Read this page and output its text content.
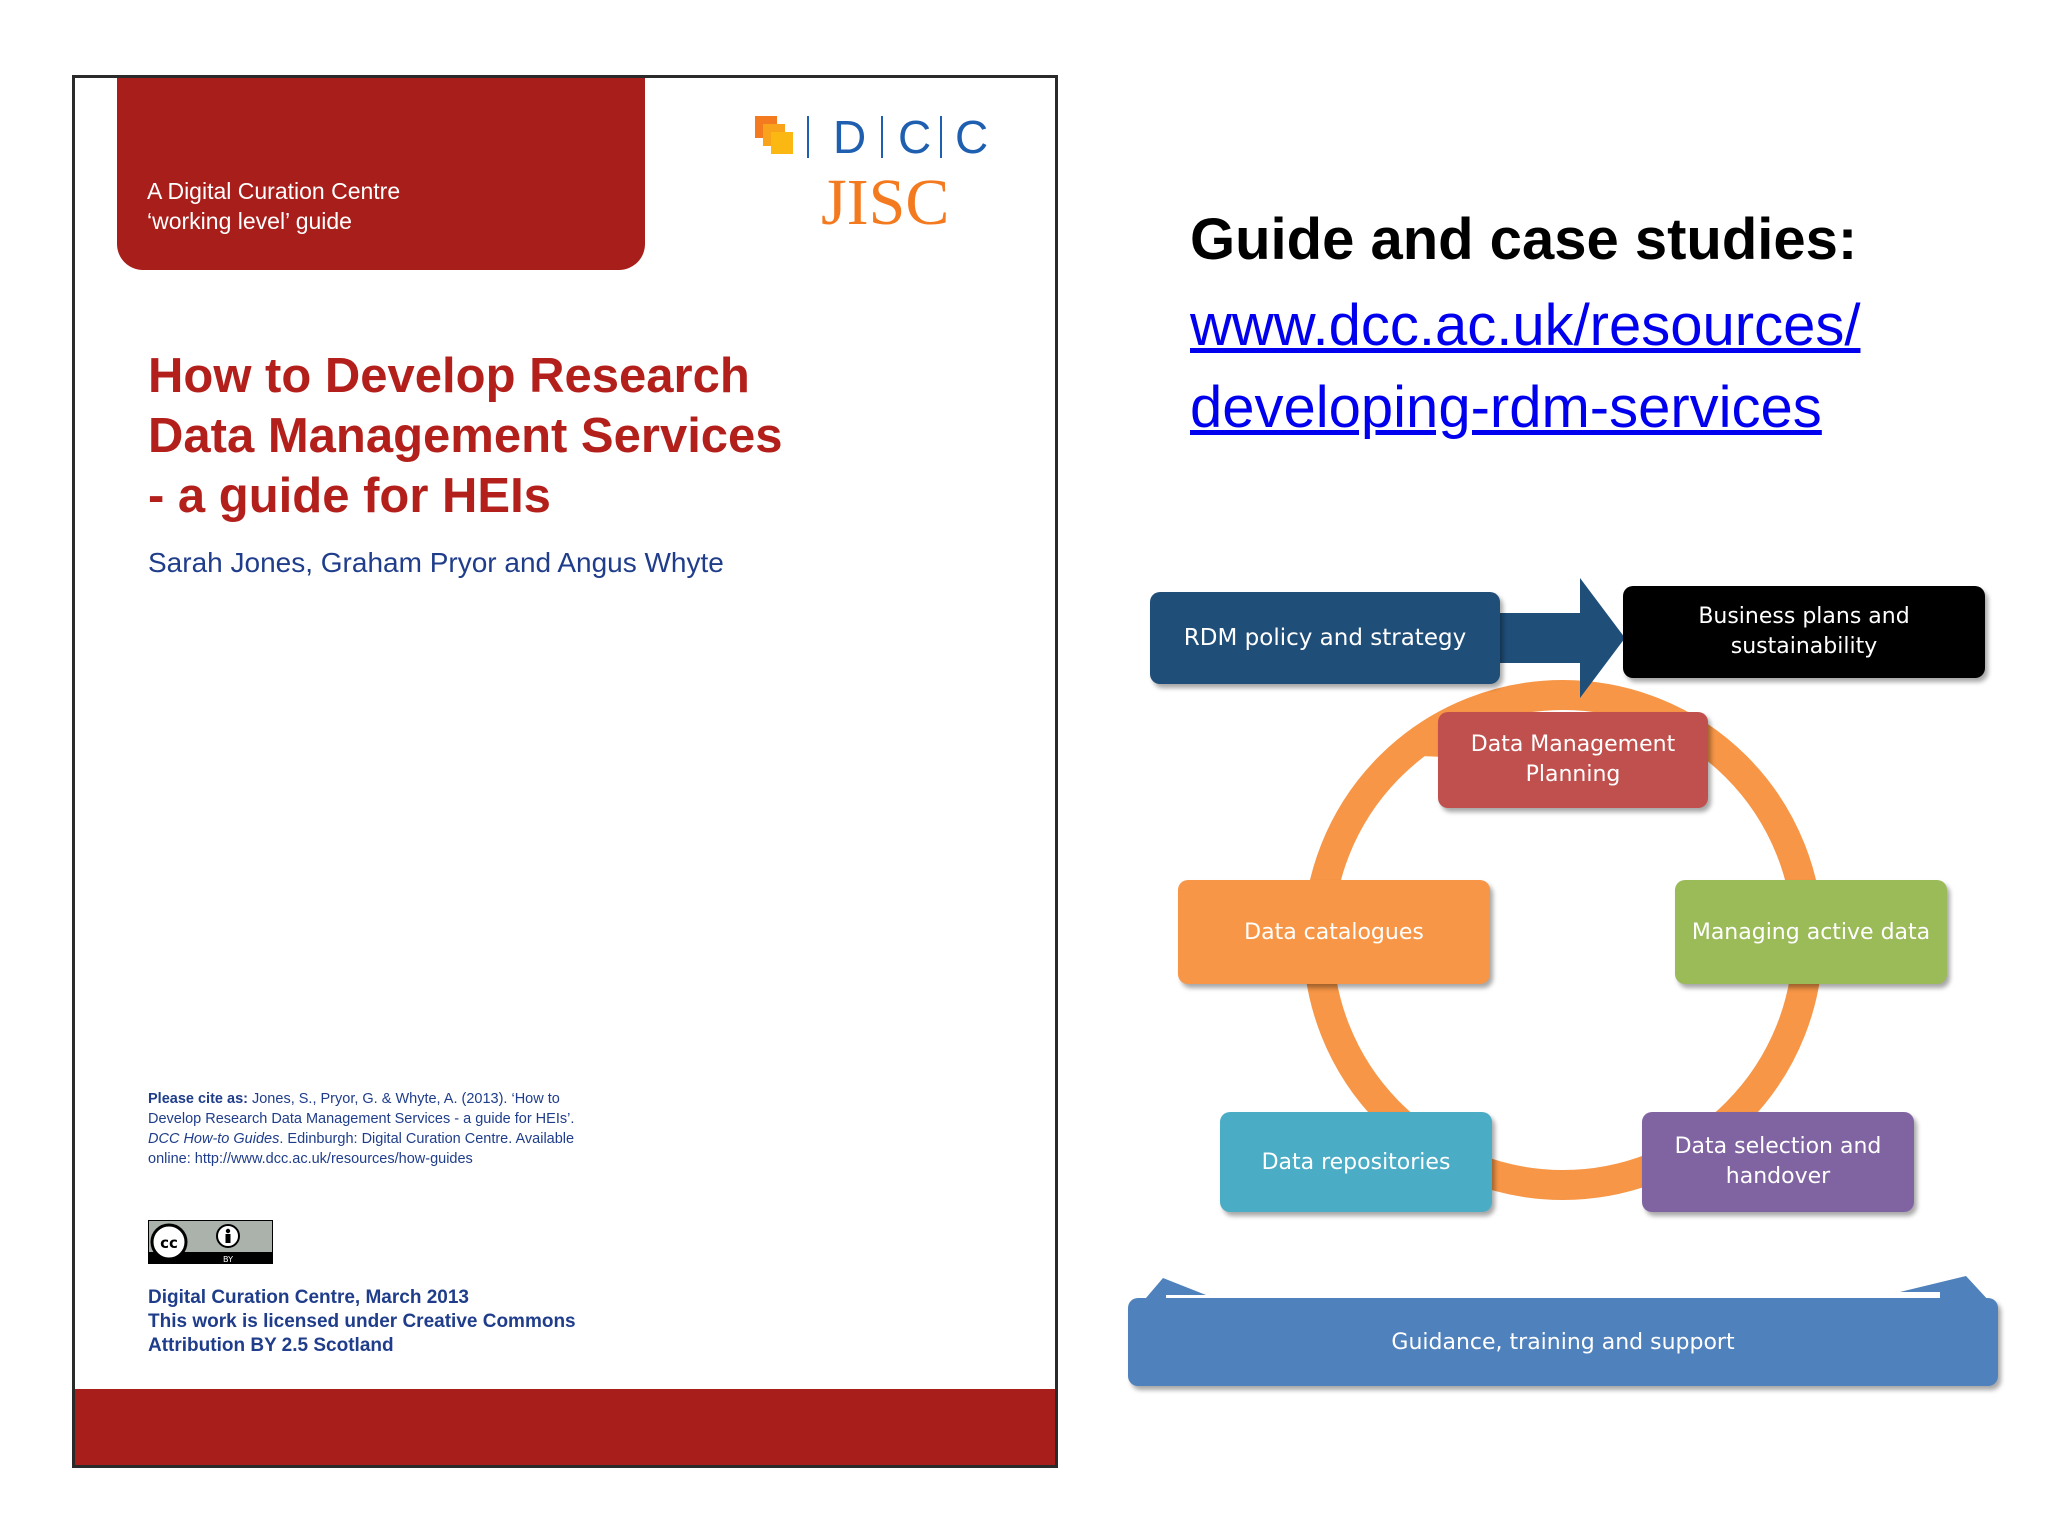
A Digital Curation Centre
‘working level’ guide
D C C
JISC
How to Develop Research
Data Management Services
- a guide for HEIs
Sarah Jones, Graham Pryor and Angus Whyte
Please cite as: Jones, S., Pryor, G. & Whyte, A. (2013). ‘How to
Develop Research Data Management Services - a guide for HEIs’.
DCC How-to Guides. Edinburgh: Digital Curation Centre. Available
online: http://www.dcc.ac.uk/resources/how-guides
cc
BY
Digital Curation Centre, March 2013
This work is licensed under Creative Commons
Attribution BY 2.5 Scotland
Guide and case studies:
www.dcc.ac.uk/resources/
developing-rdm-services
RDM policy and strategy
Business plans and
sustainability
Data Management
Planning
Data catalogues	Managing active data
Data repositories
Data selection and
handover
Guidance, training and support
